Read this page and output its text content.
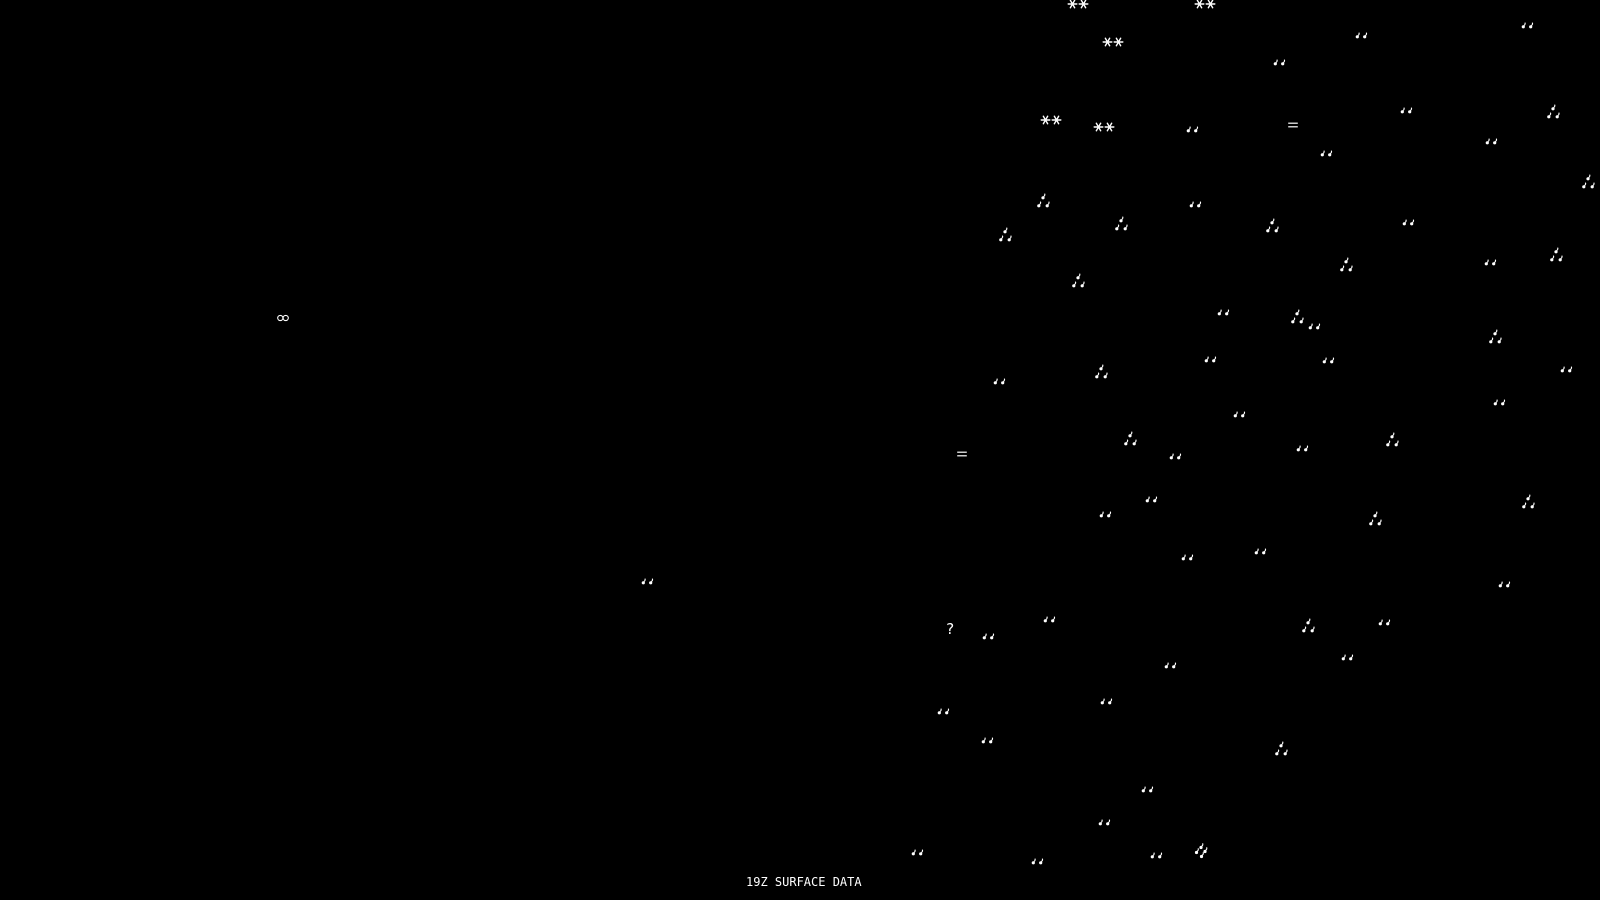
?
19Z SURFACE DATA
